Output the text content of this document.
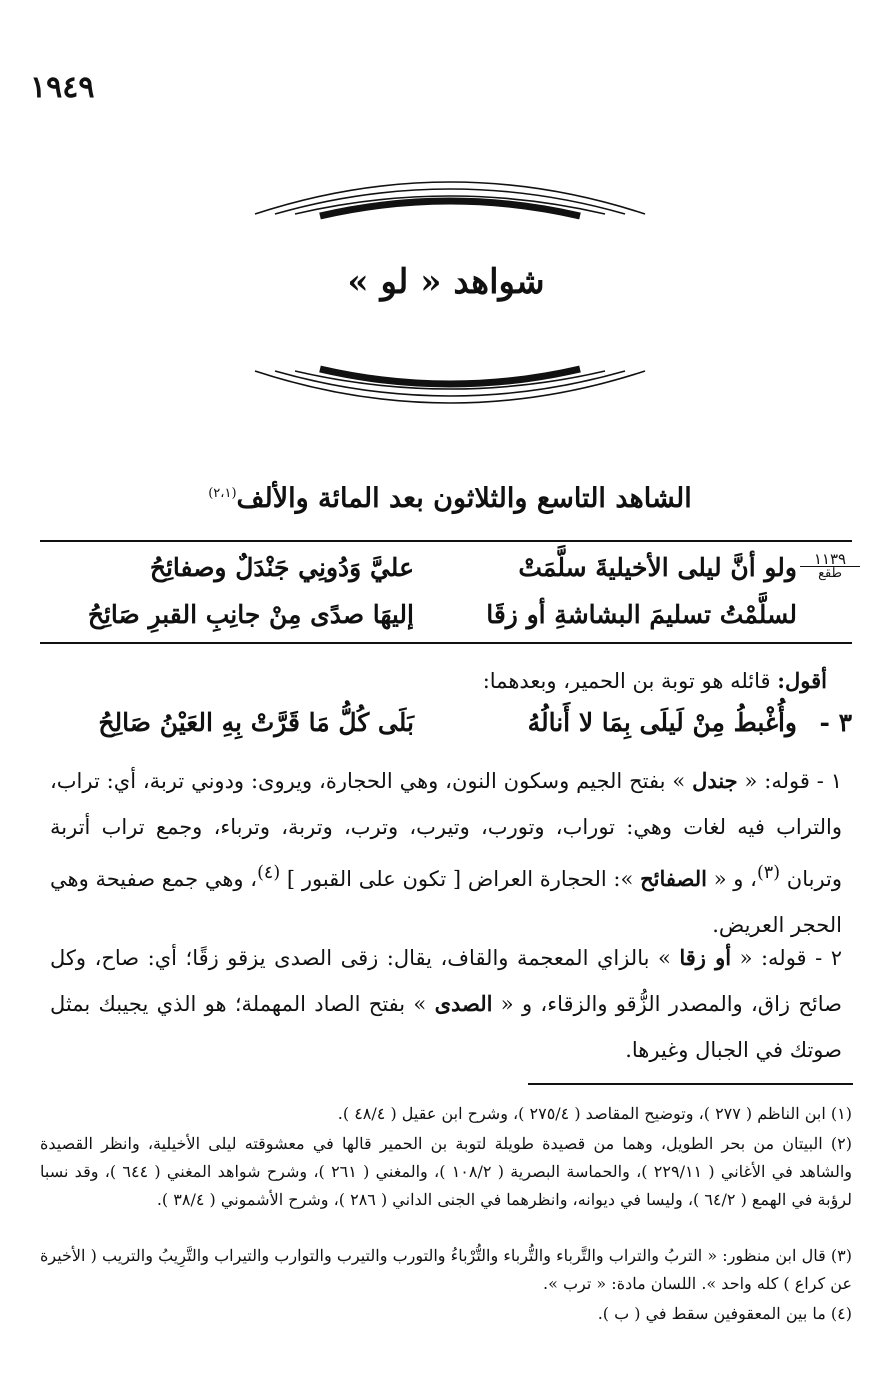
١٩٤٩
شواهد « لو »
الشاهد التاسع والثلاثون بعد المائة والألف$^{(٢،١)}$
١١٣٩
طقع
ولو أنَّ ليلى الأخيليةَ سلَّمَتْ
عليَّ وَدُونِي جَنْدَلٌ وصفائِحُ
لسلَّمْتُ تسليمَ البشاشةِ أو زقَا
إليهَا صدًى مِنْ جانِبِ القبرِ صَائِحُ
أقول: قائله هو توبة بن الحمير، وبعدهما:
٣ -
وأُغْبطُ مِنْ لَيلَى بِمَا لا أَنالُهُ
بَلَى كُلُّ مَا قَرَّتْ بِهِ العَيْنُ صَالِحُ
١ - قوله: « جندل » بفتح الجيم وسكون النون، وهي الحجارة، ويروى: ودوني تربة، أي: تراب، والتراب فيه لغات وهي: توراب، وتورب، وتيرب، وترب، وتربة، وترباء، وجمع تراب أتربة وتربان $^{(٣)}$، و « الصفائح »: الحجارة العراض [ تكون على القبور ] $^{(٤)}$، وهي جمع صفيحة وهي الحجر العريض.
٢ - قوله: « أو زقا » بالزاي المعجمة والقاف، يقال: زقى الصدى يزقو زقًا؛ أي: صاح، وكل صائح زاق، والمصدر الزُّقو والزقاء، و « الصدى » بفتح الصاد المهملة؛ هو الذي يجيبك بمثل صوتك في الجبال وغيرها.
(١) ابن الناظم ( ٢٧٧ )، وتوضيح المقاصد ( ٢٧٥/٤ )، وشرح ابن عقيل ( ٤٨/٤ ).
(٢) البيتان من بحر الطويل، وهما من قصيدة طويلة لتوبة بن الحمير قالها في معشوقته ليلى الأخيلية، وانظر القصيدة والشاهد في الأغاني ( ٢٢٩/١١ )، والحماسة البصرية ( ١٠٨/٢ )، والمغني ( ٢٦١ )، وشرح شواهد المغني ( ٦٤٤ )، وقد نسبا لرؤبة في الهمع ( ٦٤/٢ )، وليسا في ديوانه، وانظرهما في الجنى الداني ( ٢٨٦ )، وشرح الأشموني ( ٣٨/٤ ).
(٣) قال ابن منظور: « التربُ والتراب والتَّرباء والتُّرباء والتُّرْباءُ والتورب والتيرب والتوارب والتيراب والتَّرِيبُ والتريب ( الأخيرة عن كراع ) كله واحد ». اللسان مادة: « ترب ».
(٤) ما بين المعقوفين سقط في ( ب ).
